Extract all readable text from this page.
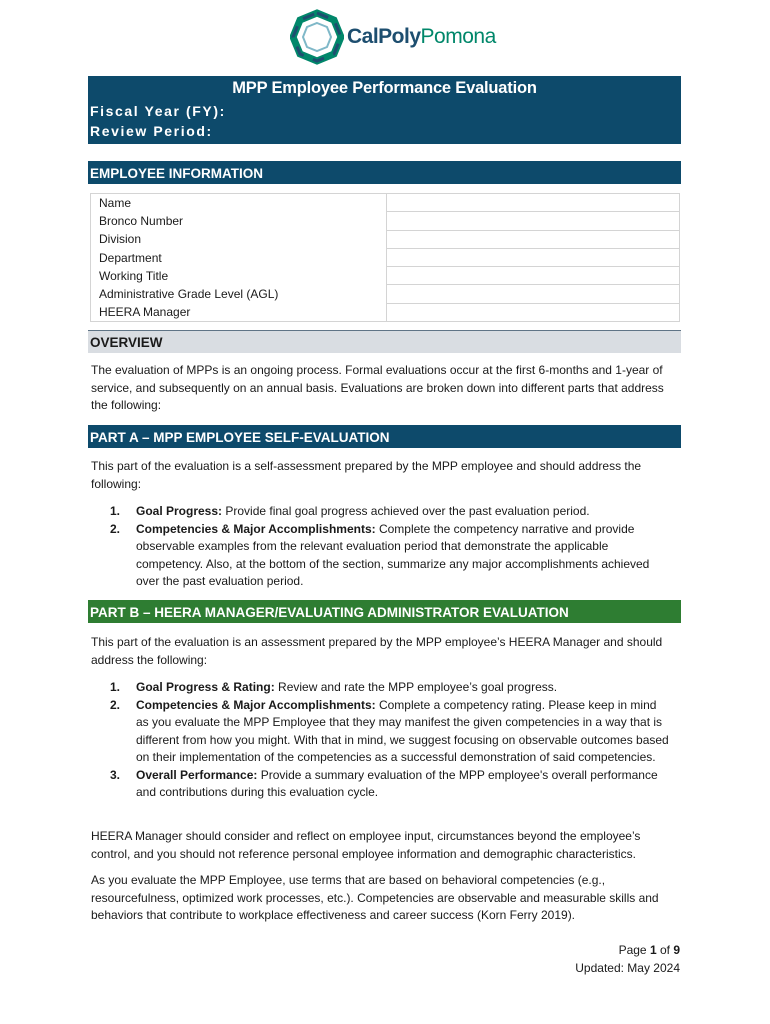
CalPolyPomona
MPP Employee Performance Evaluation
Fiscal Year (FY):
Review Period:
EMPLOYEE INFORMATION
Name	
Bronco Number	
Division	
Department	
Working Title	
Administrative Grade Level (AGL)	
HEERA Manager	
OVERVIEW
The evaluation of MPPs is an ongoing process. Formal evaluations occur at the first 6-months and 1-year of service, and subsequently on an annual basis. Evaluations are broken down into different parts that address the following:
PART A – MPP EMPLOYEE SELF-EVALUATION
This part of the evaluation is a self-assessment prepared by the MPP employee and should address the following:
1. Goal Progress: Provide final goal progress achieved over the past evaluation period.
2. Competencies & Major Accomplishments: Complete the competency narrative and provide observable examples from the relevant evaluation period that demonstrate the applicable competency. Also, at the bottom of the section, summarize any major accomplishments achieved over the past evaluation period.
PART B – HEERA MANAGER/EVALUATING ADMINISTRATOR EVALUATION
This part of the evaluation is an assessment prepared by the MPP employee’s HEERA Manager and should address the following:
1. Goal Progress & Rating: Review and rate the MPP employee’s goal progress.
2. Competencies & Major Accomplishments: Complete a competency rating. Please keep in mind as you evaluate the MPP Employee that they may manifest the given competencies in a way that is different from how you might. With that in mind, we suggest focusing on observable outcomes based on their implementation of the competencies as a successful demonstration of said competencies.
3. Overall Performance: Provide a summary evaluation of the MPP employee's overall performance and contributions during this evaluation cycle.
HEERA Manager should consider and reflect on employee input, circumstances beyond the employee’s control, and you should not reference personal employee information and demographic characteristics.
As you evaluate the MPP Employee, use terms that are based on behavioral competencies (e.g., resourcefulness, optimized work processes, etc.). Competencies are observable and measurable skills and behaviors that contribute to workplace effectiveness and career success (Korn Ferry 2019).
Page 1 of 9
Updated: May 2024
